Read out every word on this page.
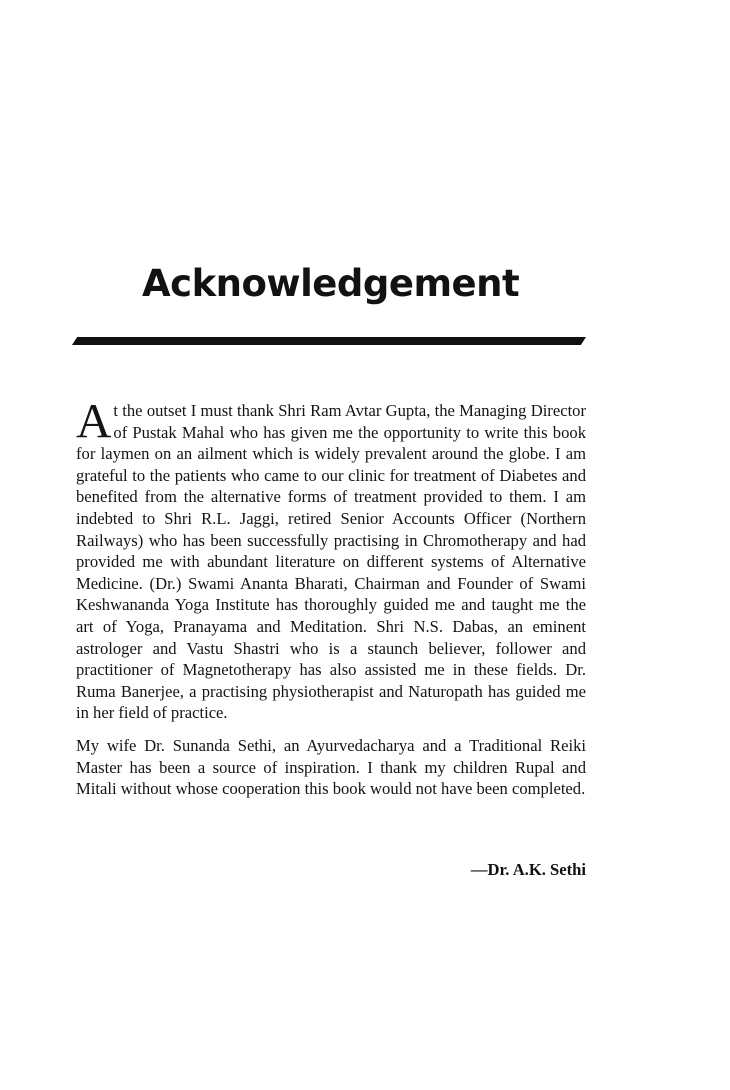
Acknowledgement

At the outset I must thank Shri Ram Avtar Gupta, the Managing Director of Pustak Mahal who has given me the opportunity to write this book for laymen on an ailment which is widely prevalent around the globe. I am grateful to the patients who came to our clinic for treatment of Diabetes and benefited from the alternative forms of treatment provided to them. I am indebted to Shri R.L. Jaggi, retired Senior Accounts Officer (Northern Railways) who has been successfully practising in Chromotherapy and had provided me with abundant literature on different systems of Alternative Medicine. (Dr.) Swami Ananta Bharati, Chairman and Founder of Swami Keshwananda Yoga Institute has thoroughly guided me and taught me the art of Yoga, Pranayama and Meditation. Shri N.S. Dabas, an eminent astrologer and Vastu Shastri who is a staunch believer, follower and practitioner of Magnetotherapy has also assisted me in these fields. Dr. Ruma Banerjee, a practising physiotherapist and Naturopath has guided me in her field of practice.

My wife Dr. Sunanda Sethi, an Ayurvedacharya and a Traditional Reiki Master has been a source of inspiration. I thank my children Rupal and Mitali without whose cooperation this book would not have been completed.

—Dr. A.K. Sethi
